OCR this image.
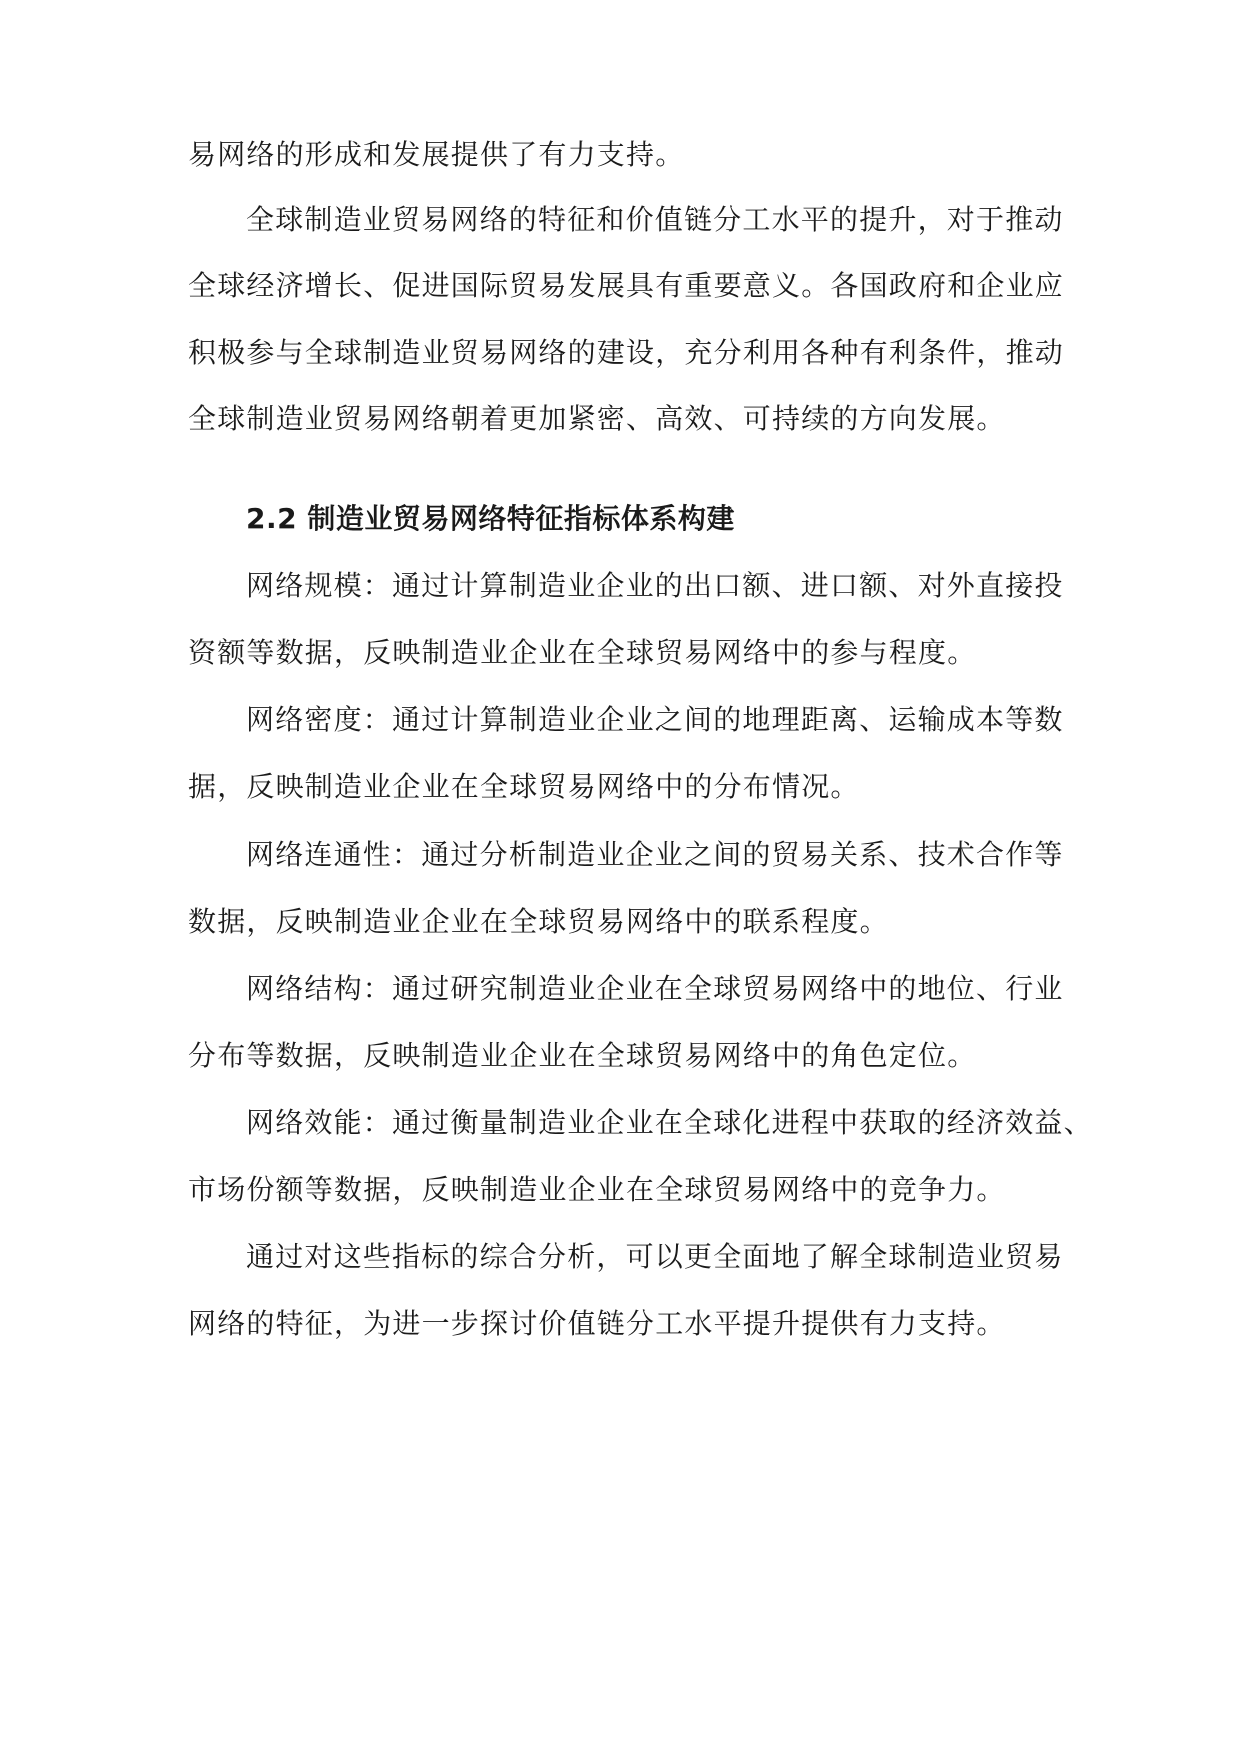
易网络的形成和发展提供了有力支持。
全球制造业贸易网络的特征和价值链分工水平的提升，对于推动
全球经济增长、促进国际贸易发展具有重要意义。各国政府和企业应
积极参与全球制造业贸易网络的建设，充分利用各种有利条件，推动
全球制造业贸易网络朝着更加紧密、高效、可持续的方向发展。
2.2 制造业贸易网络特征指标体系构建
网络规模：通过计算制造业企业的出口额、进口额、对外直接投
资额等数据，反映制造业企业在全球贸易网络中的参与程度。
网络密度：通过计算制造业企业之间的地理距离、运输成本等数
据，反映制造业企业在全球贸易网络中的分布情况。
网络连通性：通过分析制造业企业之间的贸易关系、技术合作等
数据，反映制造业企业在全球贸易网络中的联系程度。
网络结构：通过研究制造业企业在全球贸易网络中的地位、行业
分布等数据，反映制造业企业在全球贸易网络中的角色定位。
网络效能：通过衡量制造业企业在全球化进程中获取的经济效益、
市场份额等数据，反映制造业企业在全球贸易网络中的竞争力。
通过对这些指标的综合分析，可以更全面地了解全球制造业贸易
网络的特征，为进一步探讨价值链分工水平提升提供有力支持。
